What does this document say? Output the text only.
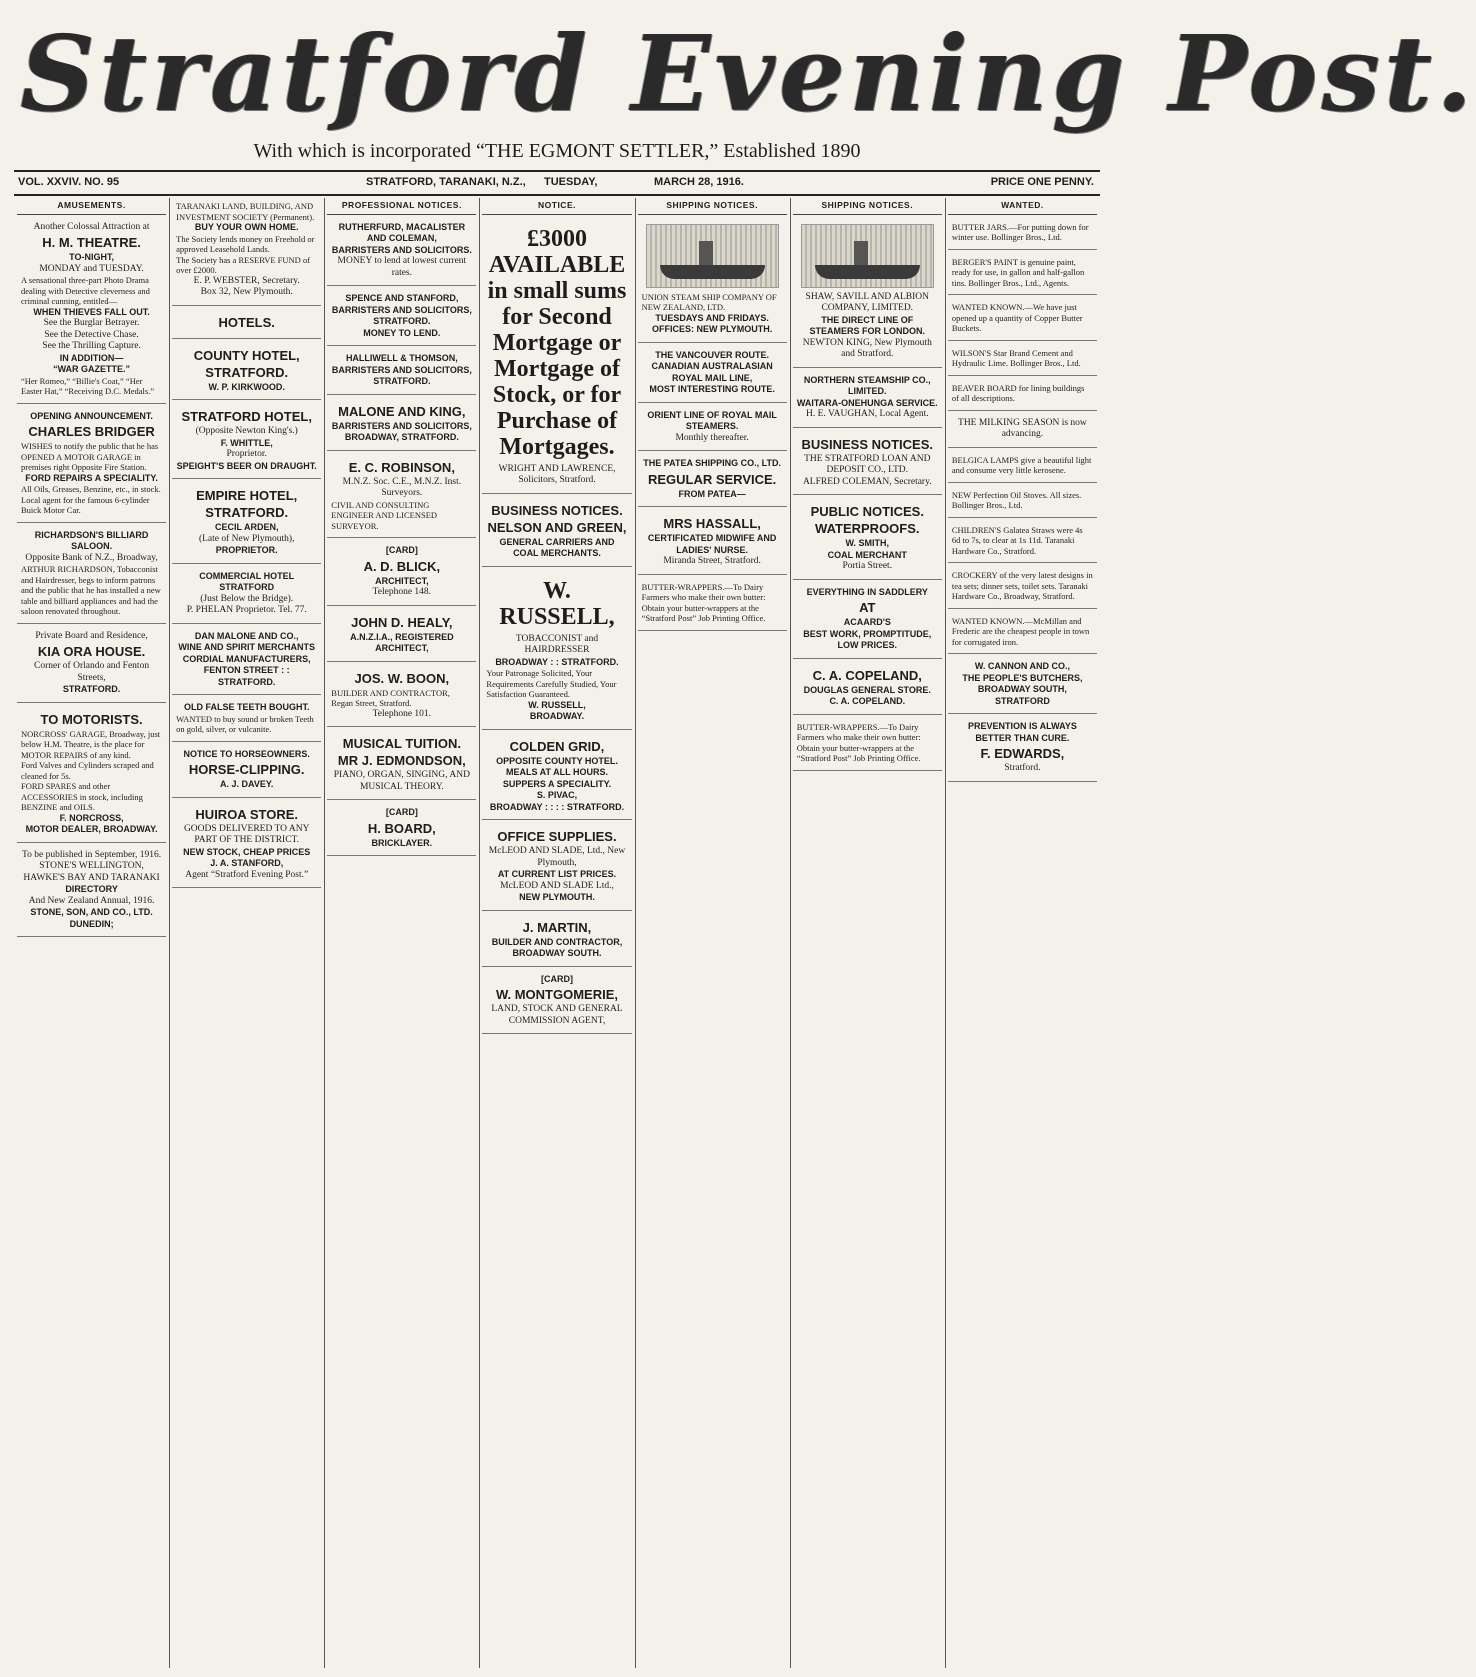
Stratford Evening Post.
With which is incorporated “THE EGMONT SETTLER,” Established 1890
VOL. XXVIV. NO. 95	STRATFORD, TARANAKI, N.Z., TUESDAY,	MARCH 28, 1916.	PRICE ONE PENNY.
AMUSEMENTS.
Another Colossal Attraction at
H. M. THEATRE.
TO-NIGHT,
MONDAY and TUESDAY.
A sensational three-part Photo Drama dealing with Detective cleverness and criminal cunning, entitled—
WHEN THIEVES FALL OUT.
See the Burglar Betrayer.
See the Detective Chase.
See the Thrilling Capture.
IN ADDITION—
“WAR GAZETTE.”
“Her Romeo,” “Billie's Coat,” “Her Easter Hat,” “Receiving D.C. Medals.”
OPENING ANNOUNCEMENT.
CHARLES BRIDGER
WISHES to notify the public that he has OPENED A MOTOR GARAGE in premises right Opposite Fire Station.
FORD REPAIRS A SPECIALITY.
All Oils, Greases, Benzine, etc., in stock. Local agent for the famous 6-cylinder Buick Motor Car.
RICHARDSON'S BILLIARD SALOON.
Opposite Bank of N.Z., Broadway,
ARTHUR RICHARDSON, Tobacconist and Hairdresser, begs to inform patrons and the public that he has installed a new table and billiard appliances and had the saloon renovated throughout.
Private Board and Residence,
KIA ORA HOUSE.
Corner of Orlando and Fenton Streets,
STRATFORD.
TO MOTORISTS.
NORCROSS' GARAGE, Broadway, just below H.M. Theatre, is the place for MOTOR REPAIRS of any kind.
Ford Valves and Cylinders scraped and cleaned for 5s.
FORD SPARES and other ACCESSORIES in stock, including BENZINE and OILS.
F. NORCROSS,
MOTOR DEALER, BROADWAY.
To be published in September, 1916.
STONE'S WELLINGTON, HAWKE'S BAY AND TARANAKI
DIRECTORY
And New Zealand Annual, 1916.
STONE, SON, AND CO., LTD.
DUNEDIN;
TARANAKI LAND, BUILDING, AND INVESTMENT SOCIETY (Permanent).
BUY YOUR OWN HOME.
The Society lends money on Freehold or approved Leasehold Lands.
The Society has a RESERVE FUND of over £2000.
E. P. WEBSTER, Secretary.
Box 32, New Plymouth.
HOTELS.
COUNTY HOTEL,
STRATFORD.
W. P. KIRKWOOD.
STRATFORD HOTEL,
(Opposite Newton King's.)
F. WHITTLE,
Proprietor.
SPEIGHT'S BEER ON DRAUGHT.
EMPIRE HOTEL,
STRATFORD.
CECIL ARDEN,
(Late of New Plymouth),
PROPRIETOR.
COMMERCIAL HOTEL STRATFORD
(Just Below the Bridge).
P. PHELAN Proprietor. Tel. 77.
DAN MALONE AND CO.,
WINE AND SPIRIT MERCHANTS
CORDIAL MANUFACTURERS,
FENTON STREET : : STRATFORD.
OLD FALSE TEETH BOUGHT.
WANTED to buy sound or broken Teeth on gold, silver, or vulcanite.
NOTICE TO HORSEOWNERS.
HORSE-CLIPPING.
A. J. DAVEY.
HUIROA STORE.
GOODS DELIVERED TO ANY PART OF THE DISTRICT.
NEW STOCK, CHEAP PRICES
J. A. STANFORD,
Agent “Stratford Evening Post.”
PROFESSIONAL NOTICES.
RUTHERFURD, MACALISTER AND COLEMAN,
BARRISTERS AND SOLICITORS.
MONEY to lend at lowest current rates.
SPENCE AND STANFORD,
BARRISTERS AND SOLICITORS, STRATFORD.
MONEY TO LEND.
HALLIWELL & THOMSON,
BARRISTERS AND SOLICITORS, STRATFORD.
MALONE AND KING,
BARRISTERS AND SOLICITORS,
BROADWAY, STRATFORD.
E. C. ROBINSON,
M.N.Z. Soc. C.E., M.N.Z. Inst. Surveyors.
CIVIL AND CONSULTING ENGINEER AND LICENSED SURVEYOR.
[CARD]
A. D. BLICK,
ARCHITECT,
Telephone 148.
JOHN D. HEALY,
A.N.Z.I.A., REGISTERED ARCHITECT,
JOS. W. BOON,
BUILDER AND CONTRACTOR, Regan Street, Stratford.
Telephone 101.
MUSICAL TUITION.
MR J. EDMONDSON,
PIANO, ORGAN, SINGING, AND MUSICAL THEORY.
[CARD]
H. BOARD,
BRICKLAYER.
NOTICE.
£3000 AVAILABLE in small sums for Second Mortgage or Mortgage of Stock, or for Purchase of Mortgages.
WRIGHT AND LAWRENCE, Solicitors, Stratford.
BUSINESS NOTICES.
NELSON AND GREEN,
GENERAL CARRIERS AND COAL MERCHANTS.
W. RUSSELL,
TOBACCONIST and HAIRDRESSER
BROADWAY : : STRATFORD.
Your Patronage Solicited, Your Requirements Carefully Studied, Your Satisfaction Guaranteed.
W. RUSSELL,
BROADWAY.
COLDEN GRID,
OPPOSITE COUNTY HOTEL.
MEALS AT ALL HOURS.
SUPPERS A SPECIALITY.
S. PIVAC,
BROADWAY : : : : STRATFORD.
OFFICE SUPPLIES.
McLEOD AND SLADE, Ltd., New Plymouth,
AT CURRENT LIST PRICES.
McLEOD AND SLADE Ltd.,
NEW PLYMOUTH.
J. MARTIN,
BUILDER AND CONTRACTOR,
BROADWAY SOUTH.
[CARD]
W. MONTGOMERIE,
LAND, STOCK AND GENERAL COMMISSION AGENT,
SHIPPING NOTICES.
UNION STEAM SHIP COMPANY OF NEW ZEALAND, LTD.
TUESDAYS AND FRIDAYS.
OFFICES: NEW PLYMOUTH.
THE VANCOUVER ROUTE.
CANADIAN AUSTRALASIAN ROYAL MAIL LINE,
MOST INTERESTING ROUTE.
ORIENT LINE OF ROYAL MAIL STEAMERS.
Monthly thereafter.
THE PATEA SHIPPING CO., LTD.
REGULAR SERVICE.
FROM PATEA—
MRS HASSALL,
CERTIFICATED MIDWIFE AND LADIES' NURSE.
Miranda Street, Stratford.
BUTTER-WRAPPERS.—To Dairy Farmers who make their own butter: Obtain your butter-wrappers at the “Stratford Post” Job Printing Office.
SHIPPING NOTICES.
SHAW, SAVILL AND ALBION COMPANY, LIMITED.
THE DIRECT LINE OF STEAMERS FOR LONDON.
NEWTON KING, New Plymouth and Stratford.
NORTHERN STEAMSHIP CO., LIMITED.
WAITARA-ONEHUNGA SERVICE.
H. E. VAUGHAN, Local Agent.
BUSINESS NOTICES.
THE STRATFORD LOAN AND DEPOSIT CO., LTD.
ALFRED COLEMAN, Secretary.
PUBLIC NOTICES.
WATERPROOFS.
W. SMITH,
COAL MERCHANT
Portia Street.
EVERYTHING IN SADDLERY
AT
ACAARD'S
BEST WORK, PROMPTITUDE, LOW PRICES.
C. A. COPELAND,
DOUGLAS GENERAL STORE.
C. A. COPELAND.
BUTTER-WRAPPERS.—To Dairy Farmers who make their own butter: Obtain your butter-wrappers at the “Stratford Post” Job Printing Office.
WANTED.
BUTTER JARS.—For putting down for winter use. Bollinger Bros., Ltd.
BERGER'S PAINT is genuine paint, ready for use, in gallon and half-gallon tins. Bollinger Bros., Ltd., Agents.
WANTED KNOWN.—We have just opened up a quantity of Copper Butter Buckets.
WILSON'S Star Brand Cement and Hydraulic Lime. Bollinger Bros., Ltd.
BEAVER BOARD for lining buildings of all descriptions.
THE MILKING SEASON is now advancing.
BELGICA LAMPS give a beautiful light and consume very little kerosene.
NEW Perfection Oil Stoves. All sizes. Bollinger Bros., Ltd.
CHILDREN'S Galatea Straws were 4s 6d to 7s, to clear at 1s 11d. Taranaki Hardware Co., Stratford.
CROCKERY of the very latest designs in tea sets; dinner sets, toilet sets. Taranaki Hardware Co., Broadway, Stratford.
WANTED KNOWN.—McMillan and Frederic are the cheapest people in town for corrugated iron.
W. CANNON AND CO.,
THE PEOPLE'S BUTCHERS,
BROADWAY SOUTH, STRATFORD
PREVENTION IS ALWAYS BETTER THAN CURE.
F. EDWARDS,
Stratford.
